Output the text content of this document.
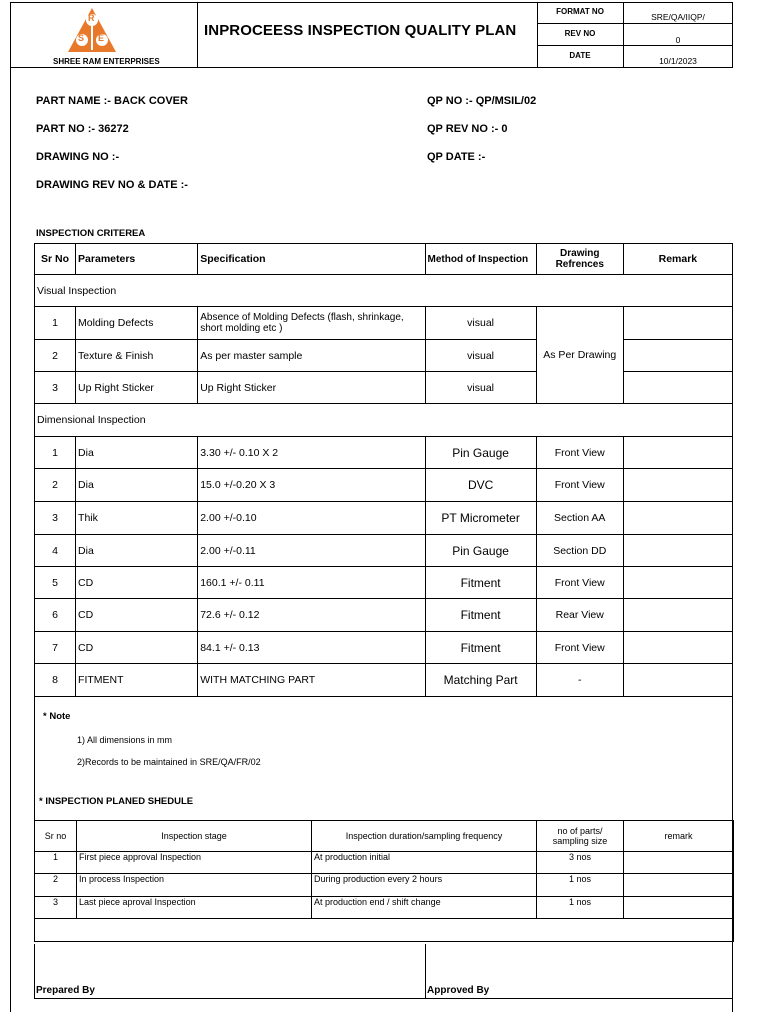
R
S E
SHREE RAM ENTERPRISES
INPROCEESS INSPECTION QUALITY PLAN
FORMAT NO
SRE/QA/IIQP/
REV NO
0
DATE
10/1/2023
PART NAME :- BACK COVER
PART NO :- 36272
DRAWING NO :-
DRAWING REV NO & DATE :-
QP NO :- QP/MSIL/02
QP REV NO :- 0
QP DATE :-
INSPECTION CRITEREA
Sr No	Parameters	Specification	Method of Inspection	Drawing Refrences	Remark
Visual Inspection					
1	Molding Defects	Absence of Molding Defects (flash, shrinkage, short molding etc )	visual	As Per Drawing	
2	Texture & Finish	As per master sample	visual		
3	Up Right Sticker	Up Right Sticker	visual		
Dimensional Inspection					
1	Dia	3.30 +/- 0.10 X 2	Pin Gauge	Front View	
2	Dia	15.0 +/-0.20 X 3	DVC	Front View	
3	Thik	2.00 +/-0.10	PT Micrometer	Section AA	
4	Dia	2.00 +/-0.11	Pin Gauge	Section DD	
5	CD	160.1 +/- 0.11	Fitment	Front View	
6	CD	72.6 +/- 0.12	Fitment	Rear View	
7	CD	84.1 +/- 0.13	Fitment	Front View	
8	FITMENT	WITH MATCHING PART	Matching Part	-	
* Note
1) All dimensions in mm
2)Records to be maintained in SRE/QA/FR/02
* INSPECTION PLANED SHEDULE
Sr no	Inspection stage	Inspection duration/sampling frequency	no of parts/ sampling size	remark
1	First piece approval Inspection	At production initial	3 nos	
2	In process Inspection	During production every 2 hours	1 nos	
3	Last piece aproval Inspection	At production end / shift change	1 nos	

Prepared By	Approved By
